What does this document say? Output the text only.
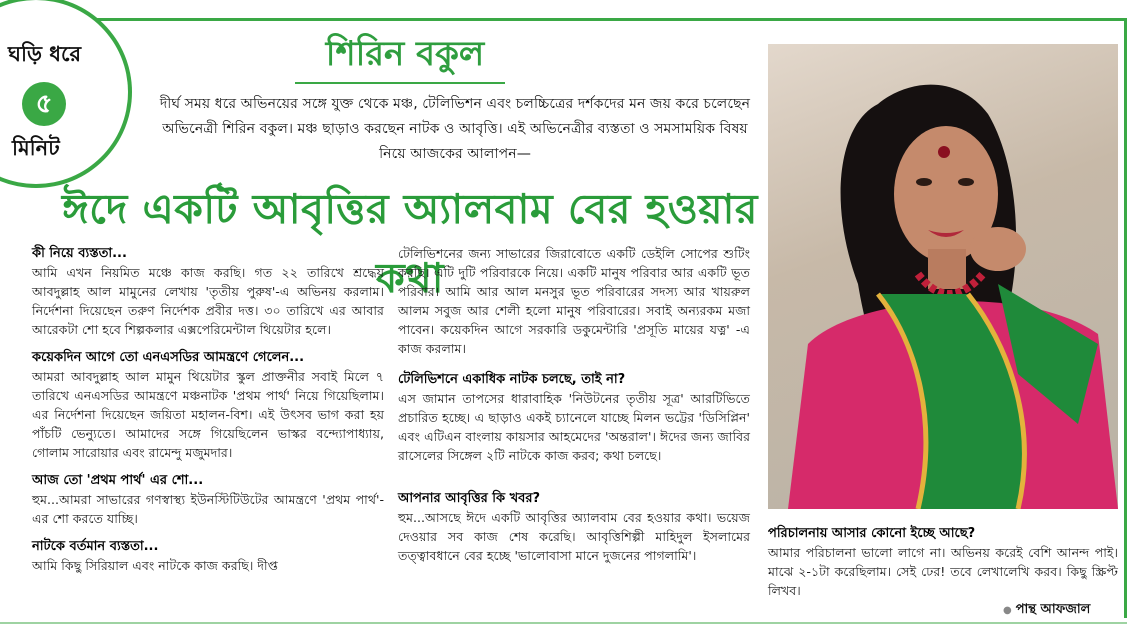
ঘড়ি ধরে
৫
মিনিট
শিরিন বকুল
দীর্ঘ সময় ধরে অভিনয়ের সঙ্গে যুক্ত থেকে মঞ্চ, টেলিভিশন এবং চলচ্চিত্রের দর্শকদের মন জয় করে চলেছেন অভিনেত্রী শিরিন বকুল। মঞ্চ ছাড়াও করছেন নাটক ও আবৃত্তি। এই অভিনেত্রীর ব্যস্ততা ও সমসাময়িক বিষয় নিয়ে আজকের আলাপন—
ঈদে একটি আবৃত্তির অ্যালবাম বের হওয়ার কথা
কী নিয়ে ব্যস্ততা...
আমি এখন নিয়মিত মঞ্চে কাজ করছি। গত ২২ তারিখে শ্রদ্ধেয় আবদুল্লাহ আল মামুনের লেখায় 'তৃতীয় পুরুষ'-এ অভিনয় করলাম। নির্দেশনা দিয়েছেন তরুণ নির্দেশক প্রবীর দত্ত। ৩০ তারিখে এর আবার আরেকটা শো হবে শিল্পকলার এক্সপেরিমেন্টাল থিয়েটার হলে।
কয়েকদিন আগে তো এনএসডির আমন্ত্রণে গেলেন...
আমরা আবদুল্লাহ আল মামুন থিয়েটার স্কুল প্রাক্তনীর সবাই মিলে ৭ তারিখে এনএসডির আমন্ত্রণে মঞ্চনাটক 'প্রথম পার্থ' নিয়ে গিয়েছিলাম। এর নির্দেশনা দিয়েছেন জয়িতা মহালন-বিশ। এই উৎসব ভাগ করা হয় পাঁচটি ভেন্যুতে। আমাদের সঙ্গে গিয়েছিলেন ভাস্কর বন্দ্যোপাধ্যায়, গোলাম সারোয়ার এবং রামেন্দু মজুমদার।
আজ তো 'প্রথম পার্থ' এর শো...
হুম...আমরা সাভারের গণস্বাস্থ্য ইউনস্টিটিউটের আমন্ত্রণে 'প্রথম পার্থ'-এর শো করতে যাচ্ছি।
নাটকে বর্তমান ব্যস্ততা...
আমি কিছু সিরিয়াল এবং নাটকে কাজ করছি। দীপ্ত
টেলিভিশনের জন্য সাভারের জিরাবোতে একটি ডেইলি সোপের শুটিং করছি। এটি দুটি পরিবারকে নিয়ে। একটি মানুষ পরিবার আর একটি ভূত পরিবার। আমি আর আল মনসুর ভূত পরিবারের সদস্য আর খায়রুল আলম সবুজ আর শেলী হলো মানুষ পরিবারের। সবাই অন্যরকম মজা পাবেন। কয়েকদিন আগে সরকারি ডকুমেন্টারি 'প্রসূতি মায়ের যত্ন' -এ কাজ করলাম।
টেলিভিশনে একাধিক নাটক চলছে, তাই না?
এস জামান তাপসের ধারাবাহিক 'নিউটনের তৃতীয় সূত্র' আরটিভিতে প্রচারিত হচ্ছে। এ ছাড়াও একই চ্যানেলে যাচ্ছে মিলন ভট্টের 'ডিসিপ্লিন' এবং এটিএন বাংলায় কায়সার আহমেদের 'অন্তরাল'। ঈদের জন্য জাবির রাসেলের সিঙ্গেল ২টি নাটকে কাজ করব; কথা চলছে।
আপনার আবৃত্তির কি খবর?
হুম...আসছে ঈদে একটি আবৃত্তির অ্যালবাম বের হওয়ার কথা। ভয়েজ দেওয়ার সব কাজ শেষ করেছি। আবৃত্তিশিল্পী মাহিদুল ইসলামের তত্ত্বাবধানে বের হচ্ছে 'ভালোবাসা মানে দুজনের পাগলামি'।
পরিচালনায় আসার কোনো ইচ্ছে আছে?
আমার পরিচালনা ভালো লাগে না। অভিনয় করেই বেশি আনন্দ পাই। মাঝে ২-১টা করেছিলাম। সেই ঢের! তবে লেখালেখি করব। কিছু স্ক্রিপ্ট লিখব।
● পান্থ আফজাল
